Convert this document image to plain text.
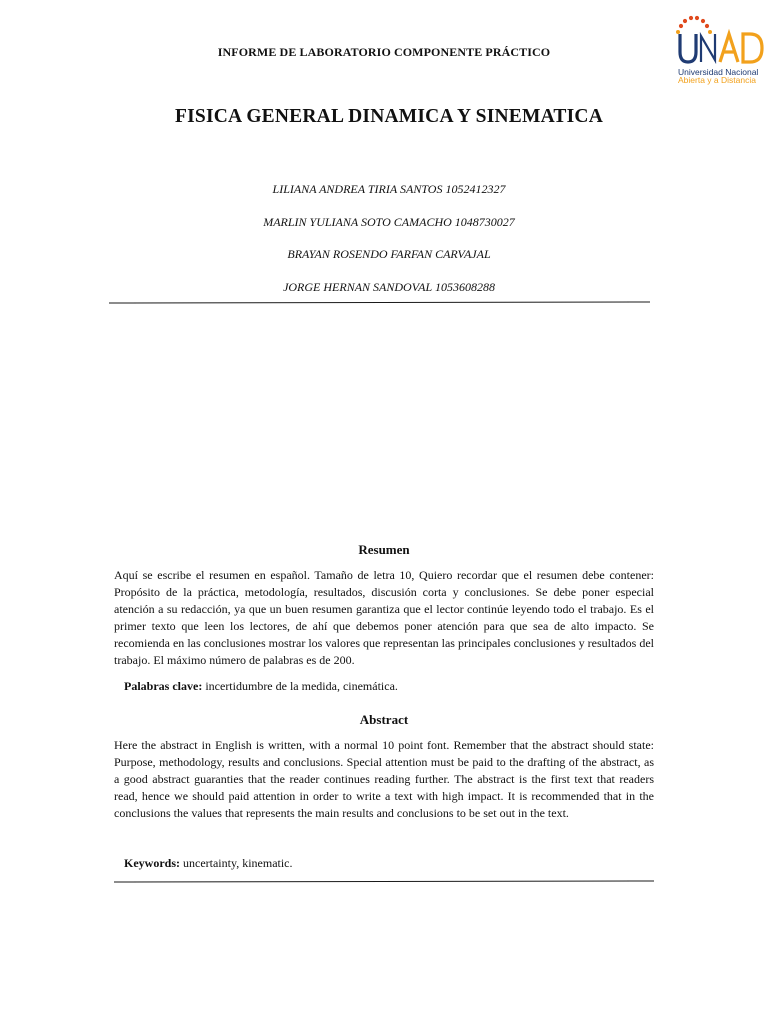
INFORME DE LABORATORIO COMPONENTE PRÁCTICO
Universidad Nacional
Abierta y a Distancia
FISICA GENERAL DINAMICA Y SINEMATICA
LILIANA ANDREA TIRIA SANTOS 1052412327
MARLIN YULIANA SOTO CAMACHO 1048730027
BRAYAN ROSENDO FARFAN CARVAJAL
JORGE HERNAN SANDOVAL 1053608288
Resumen
Aquí se escribe el resumen en español. Tamaño de letra 10, Quiero recordar que el resumen debe contener: Propósito de la práctica, metodología, resultados, discusión corta y conclusiones. Se debe poner especial atención a su redacción, ya que un buen resumen garantiza que el lector continúe leyendo todo el trabajo. Es el primer texto que leen los lectores, de ahí que debemos poner atención para que sea de alto impacto. Se recomienda en las conclusiones mostrar los valores que representan las principales conclusiones y resultados del trabajo. El máximo número de palabras es de 200.
Palabras clave: incertidumbre de la medida, cinemática.
Abstract
Here the abstract in English is written, with a normal 10 point font. Remember that the abstract should state: Purpose, methodology, results and conclusions. Special attention must be paid to the drafting of the abstract, as a good abstract guaranties that the reader continues reading further. The abstract is the first text that readers read, hence we should paid attention in order to write a text with high impact. It is recommended that in the conclusions the values that represents the main results and conclusions to be set out in the text.
Keywords: uncertainty, kinematic.
